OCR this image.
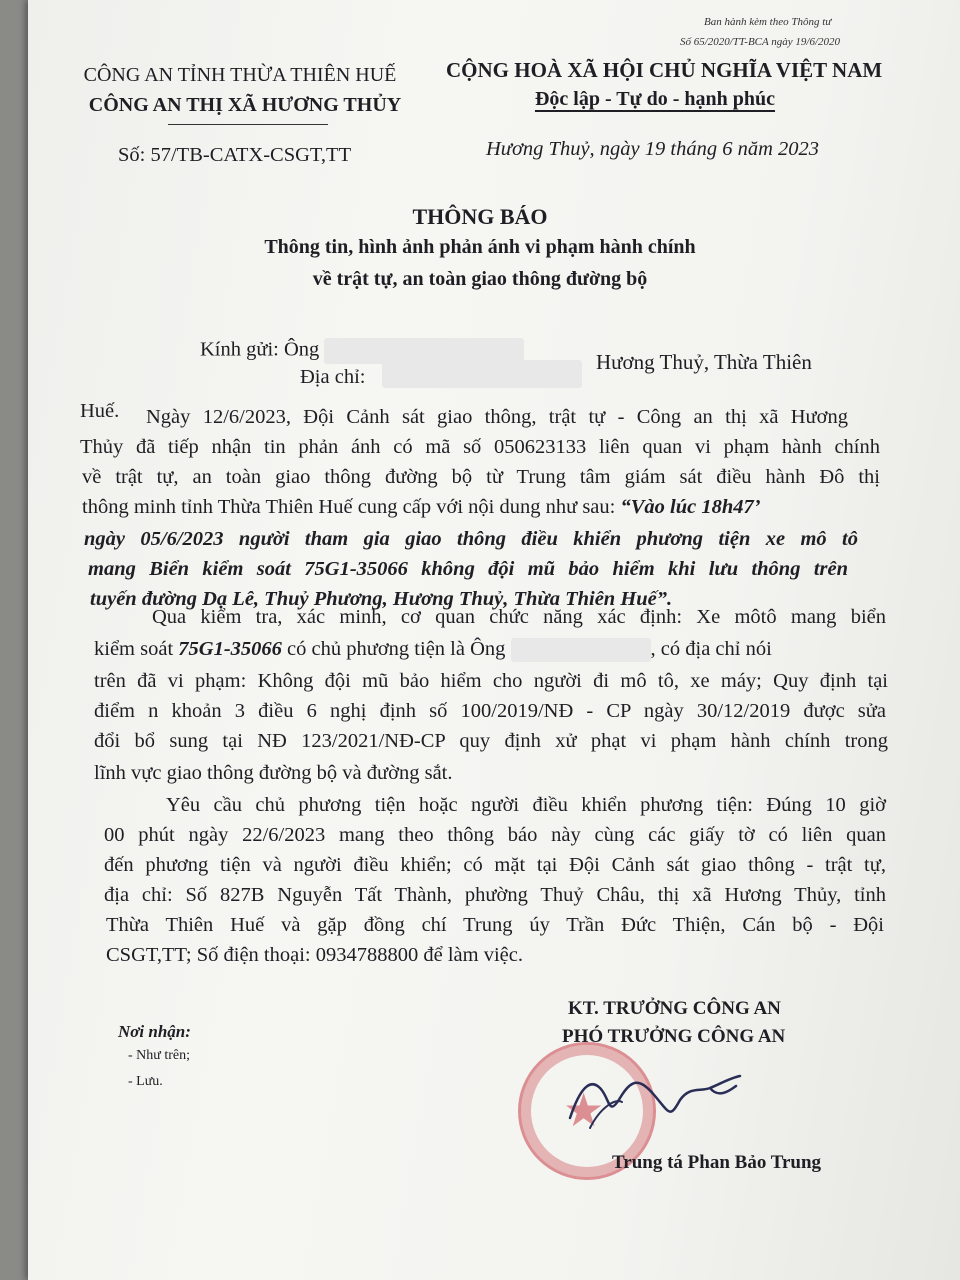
Ban hành kèm theo Thông tư
Số 65/2020/TT-BCA ngày 19/6/2020
CÔNG AN TỈNH THỪA THIÊN HUẾ
CÔNG AN THỊ XÃ HƯƠNG THỦY
Số: 57/TB-CATX-CSGT,TT
CỘNG HOÀ XÃ HỘI CHỦ NGHĨA VIỆT NAM
Độc lập - Tự do - hạnh phúc
Hương Thuỷ, ngày 19 tháng 6 năm 2023
THÔNG BÁO
Thông tin, hình ảnh phản ánh vi phạm hành chính
về trật tự, an toàn giao thông đường bộ
Kính gửi: Ông
Địa chỉ:
Hương Thuỷ, Thừa Thiên
Huế. Ngày 12/6/2023, Đội Cảnh sát giao thông, trật tự - Công an thị xã Hương
Thủy đã tiếp nhận tin phản ánh có mã số 050623133 liên quan vi phạm hành chính
về trật tự, an toàn giao thông đường bộ từ Trung tâm giám sát điều hành Đô thị
thông minh tỉnh Thừa Thiên Huế cung cấp với nội dung như sau: “Vào lúc 18h47’
ngày 05/6/2023 người tham gia giao thông điều khiển phương tiện xe mô tô
mang Biển kiểm soát 75G1-35066 không đội mũ bảo hiểm khi lưu thông trên
tuyến đường Dạ Lê, Thuỷ Phương, Hương Thuỷ, Thừa Thiên Huế”.
Qua kiểm tra, xác minh, cơ quan chức năng xác định: Xe môtô mang biển
kiểm soát 75G1-35066 có chủ phương tiện là Ông	, có địa chỉ nói
trên đã vi phạm: Không đội mũ bảo hiểm cho người đi mô tô, xe máy; Quy định tại
điểm n khoản 3 điều 6 nghị định số 100/2019/NĐ - CP ngày 30/12/2019 được sửa
đổi bổ sung tại NĐ 123/2021/NĐ-CP quy định xử phạt vi phạm hành chính trong
lĩnh vực giao thông đường bộ và đường sắt.
Yêu cầu chủ phương tiện hoặc người điều khiển phương tiện: Đúng 10 giờ
00 phút ngày 22/6/2023 mang theo thông báo này cùng các giấy tờ có liên quan
đến phương tiện và người điều khiển; có mặt tại Đội Cảnh sát giao thông - trật tự,
địa chỉ: Số 827B Nguyễn Tất Thành, phường Thuỷ Châu, thị xã Hương Thủy, tỉnh
Thừa Thiên Huế và gặp đồng chí Trung úy Trần Đức Thiện, Cán bộ - Đội
CSGT,TT; Số điện thoại: 0934788800 để làm việc.
Nơi nhận:
- Như trên;
- Lưu.
KT. TRƯỞNG CÔNG AN
PHÓ TRƯỞNG CÔNG AN
★
Trung tá Phan Bảo Trung
